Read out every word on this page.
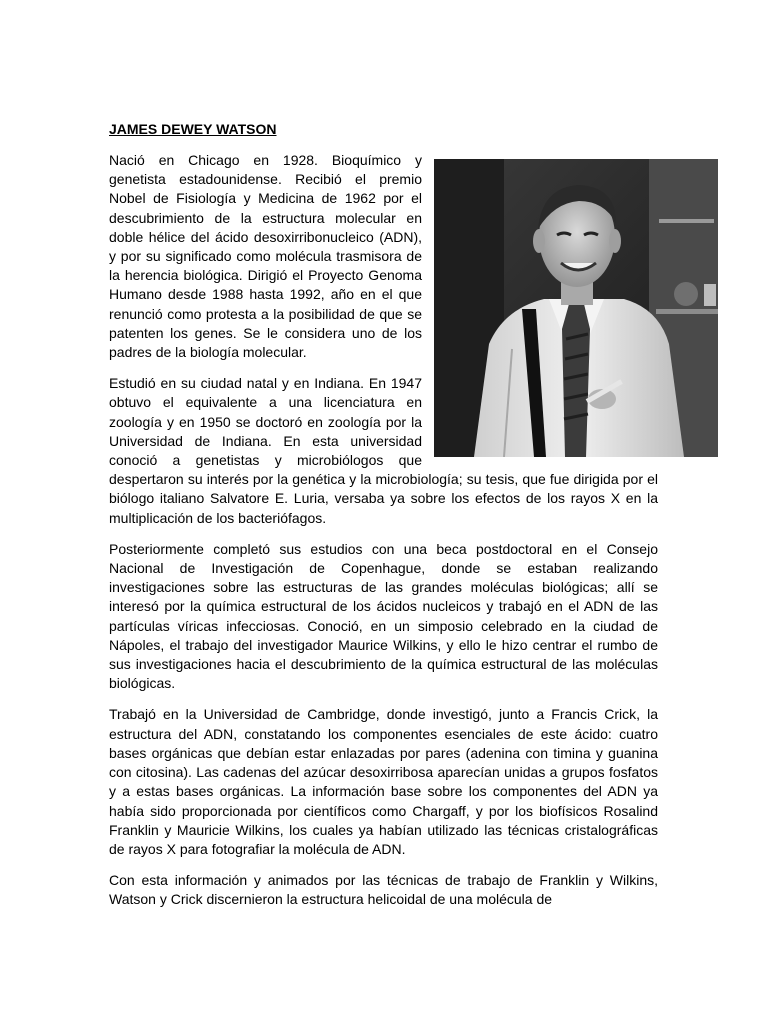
JAMES DEWEY WATSON

Nació en Chicago en 1928. Bioquímico y genetista estadounidense. Recibió el premio Nobel de Fisiología y Medicina de 1962 por el descubrimiento de la estructura molecular en doble hélice del ácido desoxirribonucleico (ADN), y por su significado como molécula trasmisora de la herencia biológica. Dirigió el Proyecto Genoma Humano desde 1988 hasta 1992, año en el que renunció como protesta a la posibilidad de que se patenten los genes. Se le considera uno de los padres de la biología molecular.

Estudió en su ciudad natal y en Indiana. En 1947 obtuvo el equivalente a una licenciatura en zoología y en 1950 se doctoró en zoología por la Universidad de Indiana. En esta universidad conoció a genetistas y microbiólogos que despertaron su interés por la genética y la microbiología; su tesis, que fue dirigida por el biólogo italiano Salvatore E. Luria, versaba ya sobre los efectos de los rayos X en la multiplicación de los bacteriófagos.

Posteriormente completó sus estudios con una beca postdoctoral en el Consejo Nacional de Investigación de Copenhague, donde se estaban realizando investigaciones sobre las estructuras de las grandes moléculas biológicas; allí se interesó por la química estructural de los ácidos nucleicos y trabajó en el ADN de las partículas víricas infecciosas. Conoció, en un simposio celebrado en la ciudad de Nápoles, el trabajo del investigador Maurice Wilkins, y ello le hizo centrar el rumbo de sus investigaciones hacia el descubrimiento de la química estructural de las moléculas biológicas.

Trabajó en la Universidad de Cambridge, donde investigó, junto a Francis Crick, la estructura del ADN, constatando los componentes esenciales de este ácido: cuatro bases orgánicas que debían estar enlazadas por pares (adenina con timina y guanina con citosina). Las cadenas del azúcar desoxirribosa aparecían unidas a grupos fosfatos y a estas bases orgánicas. La información base sobre los componentes del ADN ya había sido proporcionada por científicos como Chargaff, y por los biofísicos Rosalind Franklin y Mauricie Wilkins, los cuales ya habían utilizado las técnicas cristalográficas de rayos X para fotografiar la molécula de ADN.

Con esta información y animados por las técnicas de trabajo de Franklin y Wilkins, Watson y Crick discernieron la estructura helicoidal de una molécula de
